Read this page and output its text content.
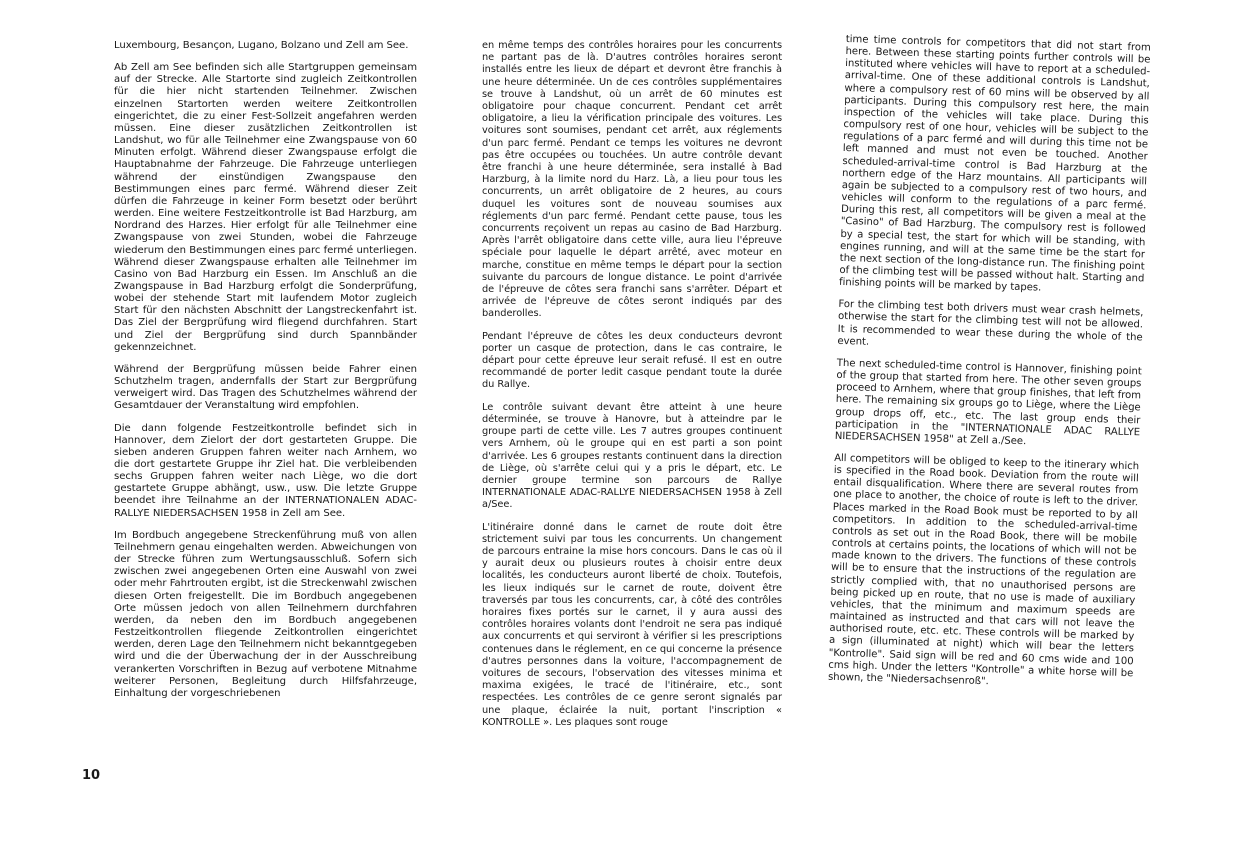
Luxembourg, Besançon, Lugano, Bolzano und Zell am See.

Ab Zell am See befinden sich alle Startgruppen gemeinsam auf der Strecke. Alle Startorte sind zugleich Zeitkontrollen für die hier nicht startenden Teilnehmer. Zwischen einzelnen Startorten werden weitere Zeitkontrollen eingerichtet, die zu einer Fest-Sollzeit angefahren werden müssen. Eine dieser zusätzlichen Zeitkontrollen ist Landshut, wo für alle Teilnehmer eine Zwangspause von 60 Minuten erfolgt. Während dieser Zwangspause erfolgt die Hauptabnahme der Fahrzeuge. Die Fahrzeuge unterliegen während der einstündigen Zwangspause den Bestimmungen eines parc fermé. Während dieser Zeit dürfen die Fahrzeuge in keiner Form besetzt oder berührt werden. Eine weitere Festzeitkontrolle ist Bad Harzburg, am Nordrand des Harzes. Hier erfolgt für alle Teilnehmer eine Zwangspause von zwei Stunden, wobei die Fahrzeuge wiederum den Bestimmungen eines parc fermé unterliegen. Während dieser Zwangspause erhalten alle Teilnehmer im Casino von Bad Harzburg ein Essen. Im Anschluß an die Zwangspause in Bad Harzburg erfolgt die Sonderprüfung, wobei der stehende Start mit laufendem Motor zugleich Start für den nächsten Abschnitt der Langstreckenfahrt ist. Das Ziel der Bergprüfung wird fliegend durchfahren. Start und Ziel der Bergprüfung sind durch Spannbänder gekennzeichnet.

Während der Bergprüfung müssen beide Fahrer einen Schutzhelm tragen, andernfalls der Start zur Bergprüfung verweigert wird. Das Tragen des Schutzhelmes während der Gesamtdauer der Veranstaltung wird empfohlen.

Die dann folgende Festzeitkontrolle befindet sich in Hannover, dem Zielort der dort gestarteten Gruppe. Die sieben anderen Gruppen fahren weiter nach Arnhem, wo die dort gestartete Gruppe ihr Ziel hat. Die verbleibenden sechs Gruppen fahren weiter nach Liège, wo die dort gestartete Gruppe abhängt, usw., usw. Die letzte Gruppe beendet ihre Teilnahme an der INTERNATIONALEN ADAC-RALLYE NIEDERSACHSEN 1958 in Zell am See.

Im Bordbuch angegebene Streckenführung muß von allen Teilnehmern genau eingehalten werden. Abweichungen von der Strecke führen zum Wertungsausschluß. Sofern sich zwischen zwei angegebenen Orten eine Auswahl von zwei oder mehr Fahrtrouten ergibt, ist die Streckenwahl zwischen diesen Orten freigestellt. Die im Bordbuch angegebenen Orte müssen jedoch von allen Teilnehmern durchfahren werden, da neben den im Bordbuch angegebenen Festzeitkontrollen fliegende Zeitkontrollen eingerichtet werden, deren Lage den Teilnehmern nicht bekanntgegeben wird und die der Überwachung der in der Ausschreibung verankerten Vorschriften in Bezug auf verbotene Mitnahme weiterer Personen, Begleitung durch Hilfsfahrzeuge, Einhaltung der vorgeschriebenen

en même temps des contrôles horaires pour les concurrents ne partant pas de là. D'autres contrôles horaires seront installés entre les lieux de départ et devront être franchis à une heure déterminée. Un de ces contrôles supplémentaires se trouve à Landshut, où un arrêt de 60 minutes est obligatoire pour chaque concurrent. Pendant cet arrêt obligatoire, a lieu la vérification principale des voitures. Les voitures sont soumises, pendant cet arrêt, aux réglements d'un parc fermé. Pendant ce temps les voitures ne devront pas être occupées ou touchées. Un autre contrôle devant être franchi à une heure déterminée, sera installé à Bad Harzburg, à la limite nord du Harz. Là, a lieu pour tous les concurrents, un arrêt obligatoire de 2 heures, au cours duquel les voitures sont de nouveau soumises aux réglements d'un parc fermé. Pendant cette pause, tous les concurrents reçoivent un repas au casino de Bad Harzburg. Après l'arrêt obligatoire dans cette ville, aura lieu l'épreuve spéciale pour laquelle le départ arrêté, avec moteur en marche, constitue en même temps le départ pour la section suivante du parcours de longue distance. Le point d'arrivée de l'épreuve de côtes sera franchi sans s'arrêter. Départ et arrivée de l'épreuve de côtes seront indiqués par des banderolles.

Pendant l'épreuve de côtes les deux conducteurs devront porter un casque de protection, dans le cas contraire, le départ pour cette épreuve leur serait refusé. Il est en outre recommandé de porter ledit casque pendant toute la durée du Rallye.

Le contrôle suivant devant être atteint à une heure déterminée, se trouve à Hanovre, but à atteindre par le groupe parti de cette ville. Les 7 autres groupes continuent vers Arnhem, où le groupe qui en est parti a son point d'arrivée. Les 6 groupes restants continuent dans la direction de Liège, où s'arrête celui qui y a pris le départ, etc. Le dernier groupe termine son parcours de Rallye INTERNATIONALE ADAC-RALLYE NIEDERSACHSEN 1958 à Zell a/See.

L'itinéraire donné dans le carnet de route doit être strictement suivi par tous les concurrents. Un changement de parcours entraine la mise hors concours. Dans le cas où il y aurait deux ou plusieurs routes à choisir entre deux localités, les conducteurs auront liberté de choix. Toutefois, les lieux indiqués sur le carnet de route, doivent être traversés par tous les concurrents, car, à côté des contrôles horaires fixes portés sur le carnet, il y aura aussi des contrôles horaires volants dont l'endroit ne sera pas indiqué aux concurrents et qui serviront à vérifier si les prescriptions contenues dans le réglement, en ce qui concerne la présence d'autres personnes dans la voiture, l'accompagnement de voitures de secours, l'observation des vitesses minima et maxima exigées, le tracé de l'itinéraire, etc., sont respectées. Les contrôles de ce genre seront signalés par une plaque, éclairée la nuit, portant l'inscription « KONTROLLE ». Les plaques sont rouge

time time controls for competitors that did not start from here. Between these starting points further controls will be instituted where vehicles will have to report at a scheduled-arrival-time. One of these additional controls is Landshut, where a compulsory rest of 60 mins will be observed by all participants. During this compulsory rest here, the main inspection of the vehicles will take place. During this compulsory rest of one hour, vehicles will be subject to the regulations of a parc fermé and will during this time not be left manned and must not even be touched. Another scheduled-arrival-time control is Bad Harzburg at the northern edge of the Harz mountains. All participants will again be subjected to a compulsory rest of two hours, and vehicles will conform to the regulations of a parc fermé. During this rest, all competitors will be given a meal at the "Casino" of Bad Harzburg. The compulsory rest is followed by a special test, the start for which will be standing, with engines running, and will at the same time be the start for the next section of the long-distance run. The finishing point of the climbing test will be passed without halt. Starting and finishing points will be marked by tapes.

For the climbing test both drivers must wear crash helmets, otherwise the start for the climbing test will not be allowed. It is recommended to wear these during the whole of the event.

The next scheduled-time control is Hannover, finishing point of the group that started from here. The other seven groups proceed to Arnhem, where that group finishes, that left from here. The remaining six groups go to Liège, where the Liège group drops off, etc., etc. The last group ends their participation in the "INTERNATIONALE ADAC RALLYE NIEDERSACHSEN 1958" at Zell a./See.

All competitors will be obliged to keep to the itinerary which is specified in the Road book. Deviation from the route will entail disqualification. Where there are several routes from one place to another, the choice of route is left to the driver. Places marked in the Road Book must be reported to by all competitors. In addition to the scheduled-arrival-time controls as set out in the Road Book, there will be mobile controls at certains points, the locations of which will not be made known to the drivers. The functions of these controls will be to ensure that the instructions of the regulation are strictly complied with, that no unauthorised persons are being picked up en route, that no use is made of auxiliary vehicles, that the minimum and maximum speeds are maintained as instructed and that cars will not leave the authorised route, etc. etc. These controls will be marked by a sign (illuminated at night) which will bear the letters "Kontrolle". Said sign will be red and 60 cms wide and 100 cms high. Under the letters "Kontrolle" a white horse will be shown, the "Niedersachsenroß".

10
